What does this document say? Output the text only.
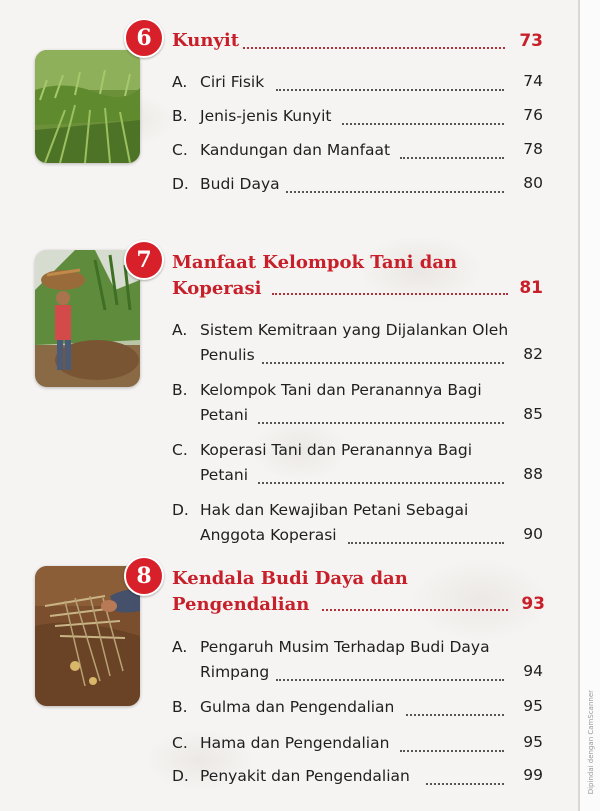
Dipindai dengan CamScanner
6 Kunyit	73
A. Ciri Fisik	74
B. Jenis-jenis Kunyit	76
C. Kandungan dan Manfaat	78
D. Budi Daya	80
7 Manfaat Kelompok Tani dan
Koperasi	81
A. Sistem Kemitraan yang Dijalankan Oleh
Penulis	82
B. Kelompok Tani dan Peranannya Bagi
Petani	85
C. Koperasi Tani dan Peranannya Bagi
Petani	88
D. Hak dan Kewajiban Petani Sebagai
Anggota Koperasi	90
8 Kendala Budi Daya dan
Pengendalian	93
A. Pengaruh Musim Terhadap Budi Daya
Rimpang	94
B. Gulma dan Pengendalian	95
C. Hama dan Pengendalian	95
D. Penyakit dan Pengendalian	99
